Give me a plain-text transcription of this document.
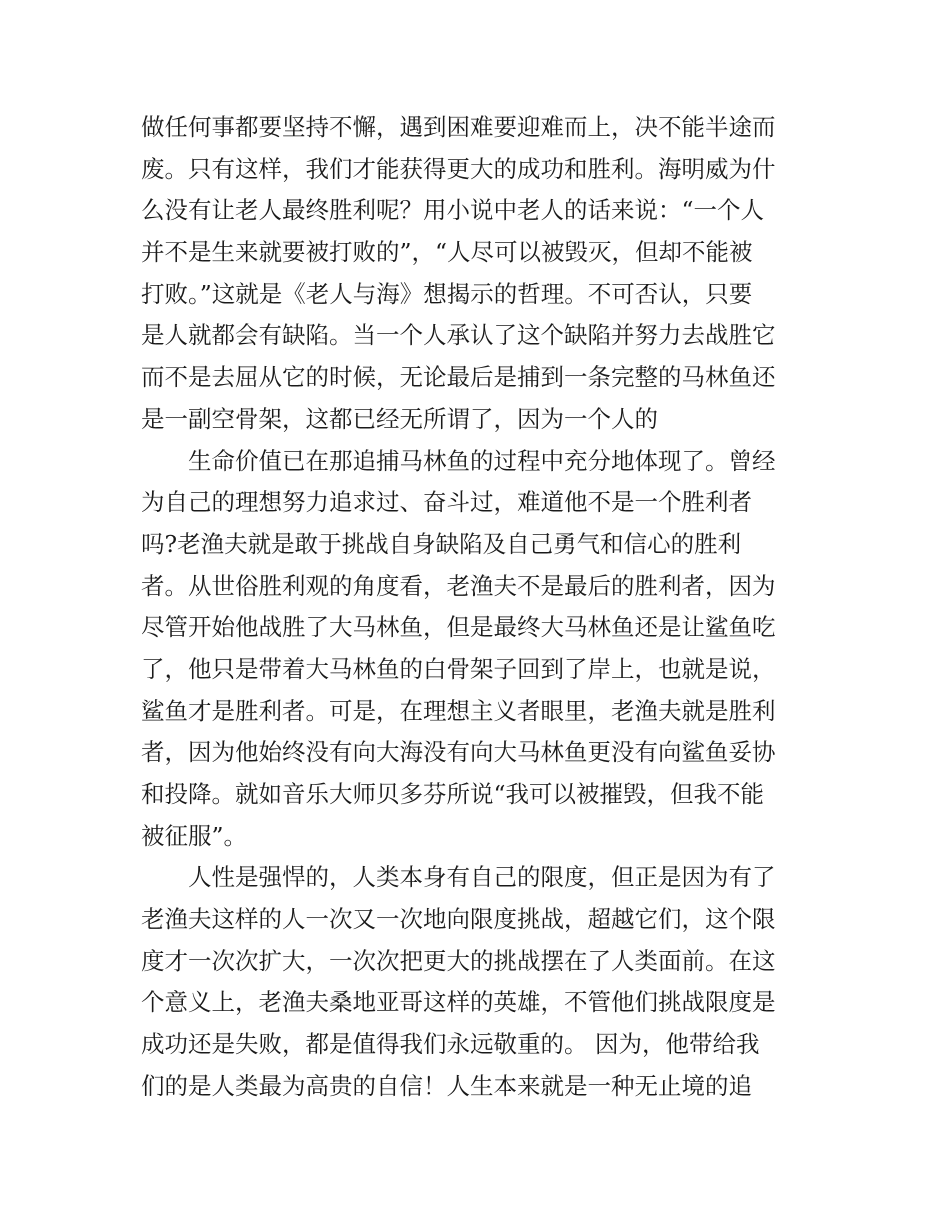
做任何事都要坚持不懈，遇到困难要迎难而上，决不能半途而
废。只有这样，我们才能获得更大的成功和胜利。海明威为什
么没有让老人最终胜利呢？用小说中老人的话来说：“一个人
并不是生来就要被打败的”，“人尽可以被毁灭，但却不能被
打败。”这就是《老人与海》想揭示的哲理。不可否认，只要
是人就都会有缺陷。当一个人承认了这个缺陷并努力去战胜它
而不是去屈从它的时候，无论最后是捕到一条完整的马林鱼还
是一副空骨架，这都已经无所谓了，因为一个人的
生命价值已在那追捕马林鱼的过程中充分地体现了。曾经
为自己的理想努力追求过、奋斗过，难道他不是一个胜利者
吗?老渔夫就是敢于挑战自身缺陷及自己勇气和信心的胜利
者。从世俗胜利观的角度看，老渔夫不是最后的胜利者，因为
尽管开始他战胜了大马林鱼，但是最终大马林鱼还是让鲨鱼吃
了，他只是带着大马林鱼的白骨架子回到了岸上，也就是说，
鲨鱼才是胜利者。可是，在理想主义者眼里，老渔夫就是胜利
者，因为他始终没有向大海没有向大马林鱼更没有向鲨鱼妥协
和投降。就如音乐大师贝多芬所说“我可以被摧毁，但我不能
被征服”。
人性是强悍的，人类本身有自己的限度，但正是因为有了
老渔夫这样的人一次又一次地向限度挑战，超越它们，这个限
度才一次次扩大，一次次把更大的挑战摆在了人类面前。在这
个意义上，老渔夫桑地亚哥这样的英雄，不管他们挑战限度是
成功还是失败，都是值得我们永远敬重的。 因为，他带给我
们的是人类最为高贵的自信！人生本来就是一种无止境的追
